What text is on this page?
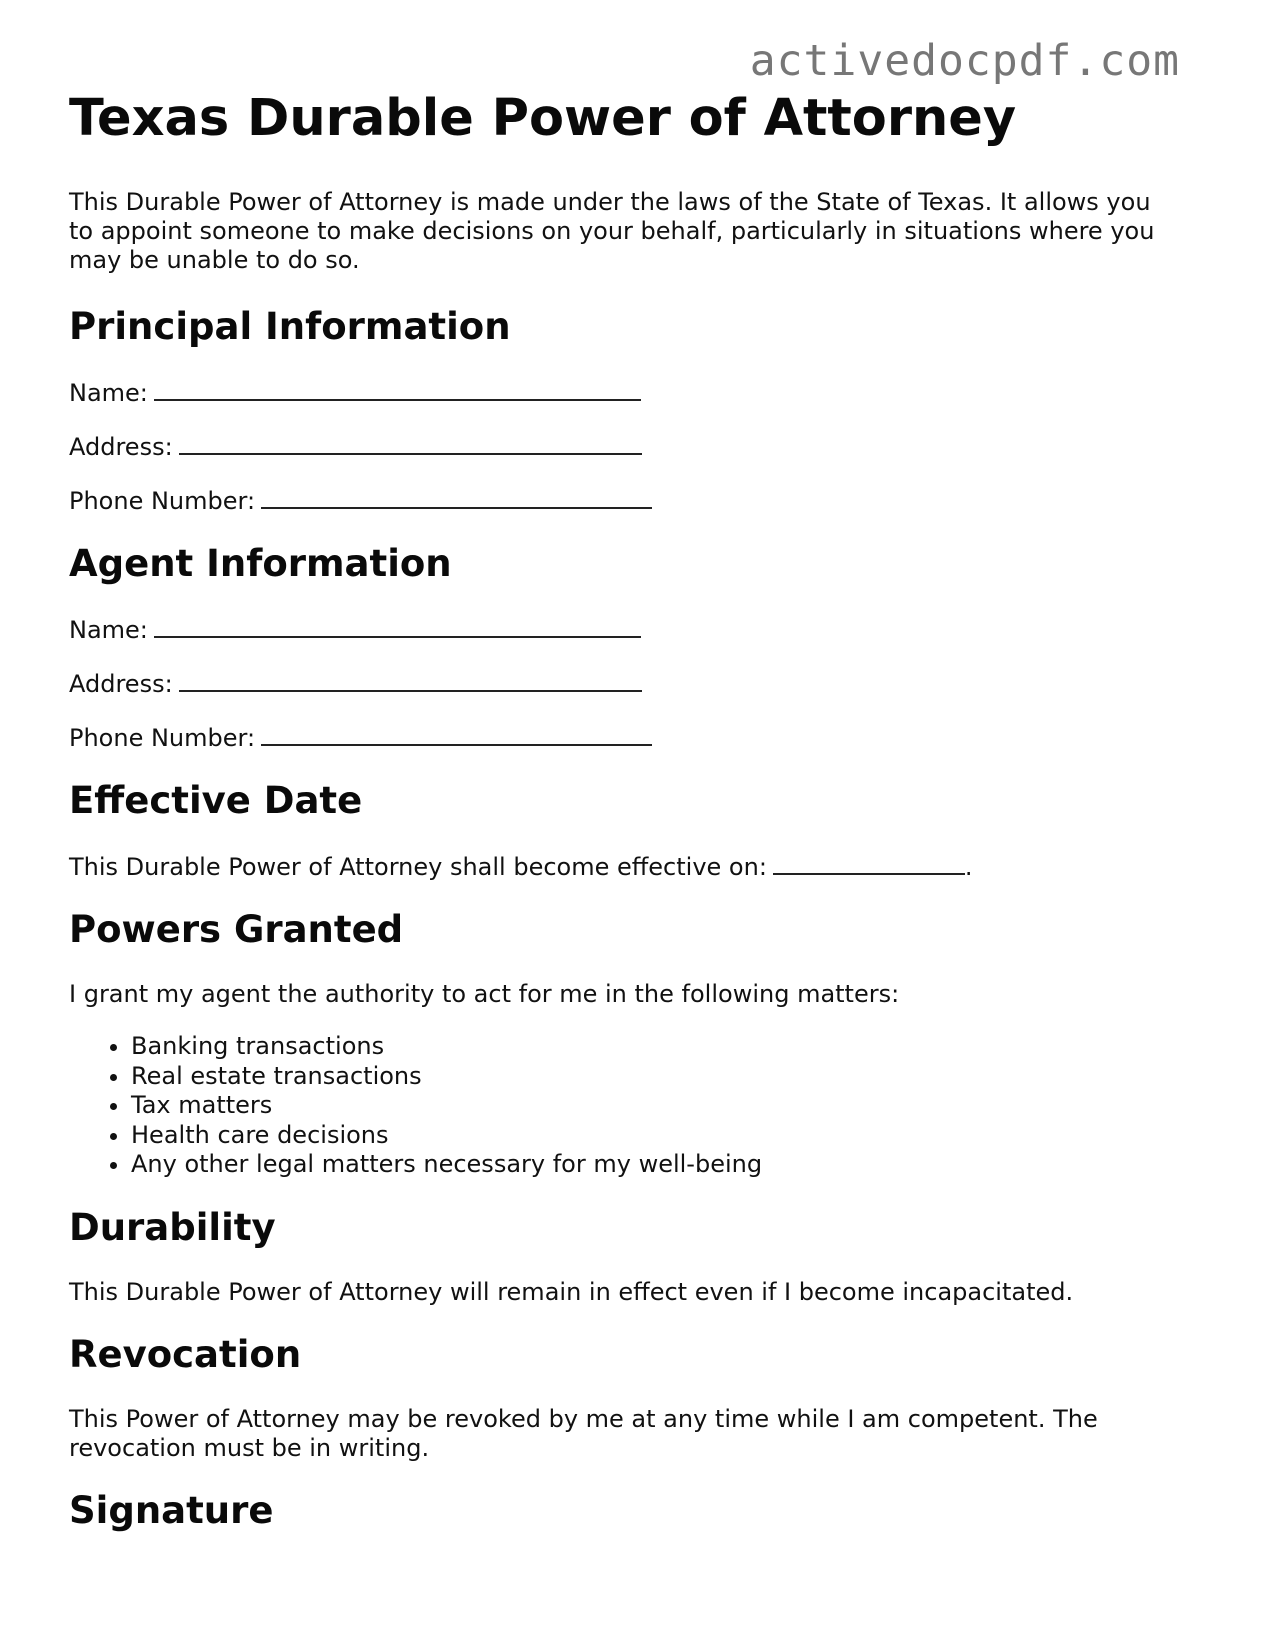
activedocpdf.com
Texas Durable Power of Attorney

This Durable Power of Attorney is made under the laws of the State of Texas. It allows you to appoint someone to make decisions on your behalf, particularly in situations where you may be unable to do so.

Principal Information
Name:
Address:
Phone Number:
Agent Information
Name:
Address:
Phone Number:
Effective Date

This Durable Power of Attorney shall become effective on:	.

Powers Granted

I grant my agent the authority to act for me in the following matters:

• Banking transactions
• Real estate transactions
• Tax matters
• Health care decisions
• Any other legal matters necessary for my well-being
Durability

This Durable Power of Attorney will remain in effect even if I become incapacitated.

Revocation

This Power of Attorney may be revoked by me at any time while I am competent. The revocation must be in writing.

Signature
